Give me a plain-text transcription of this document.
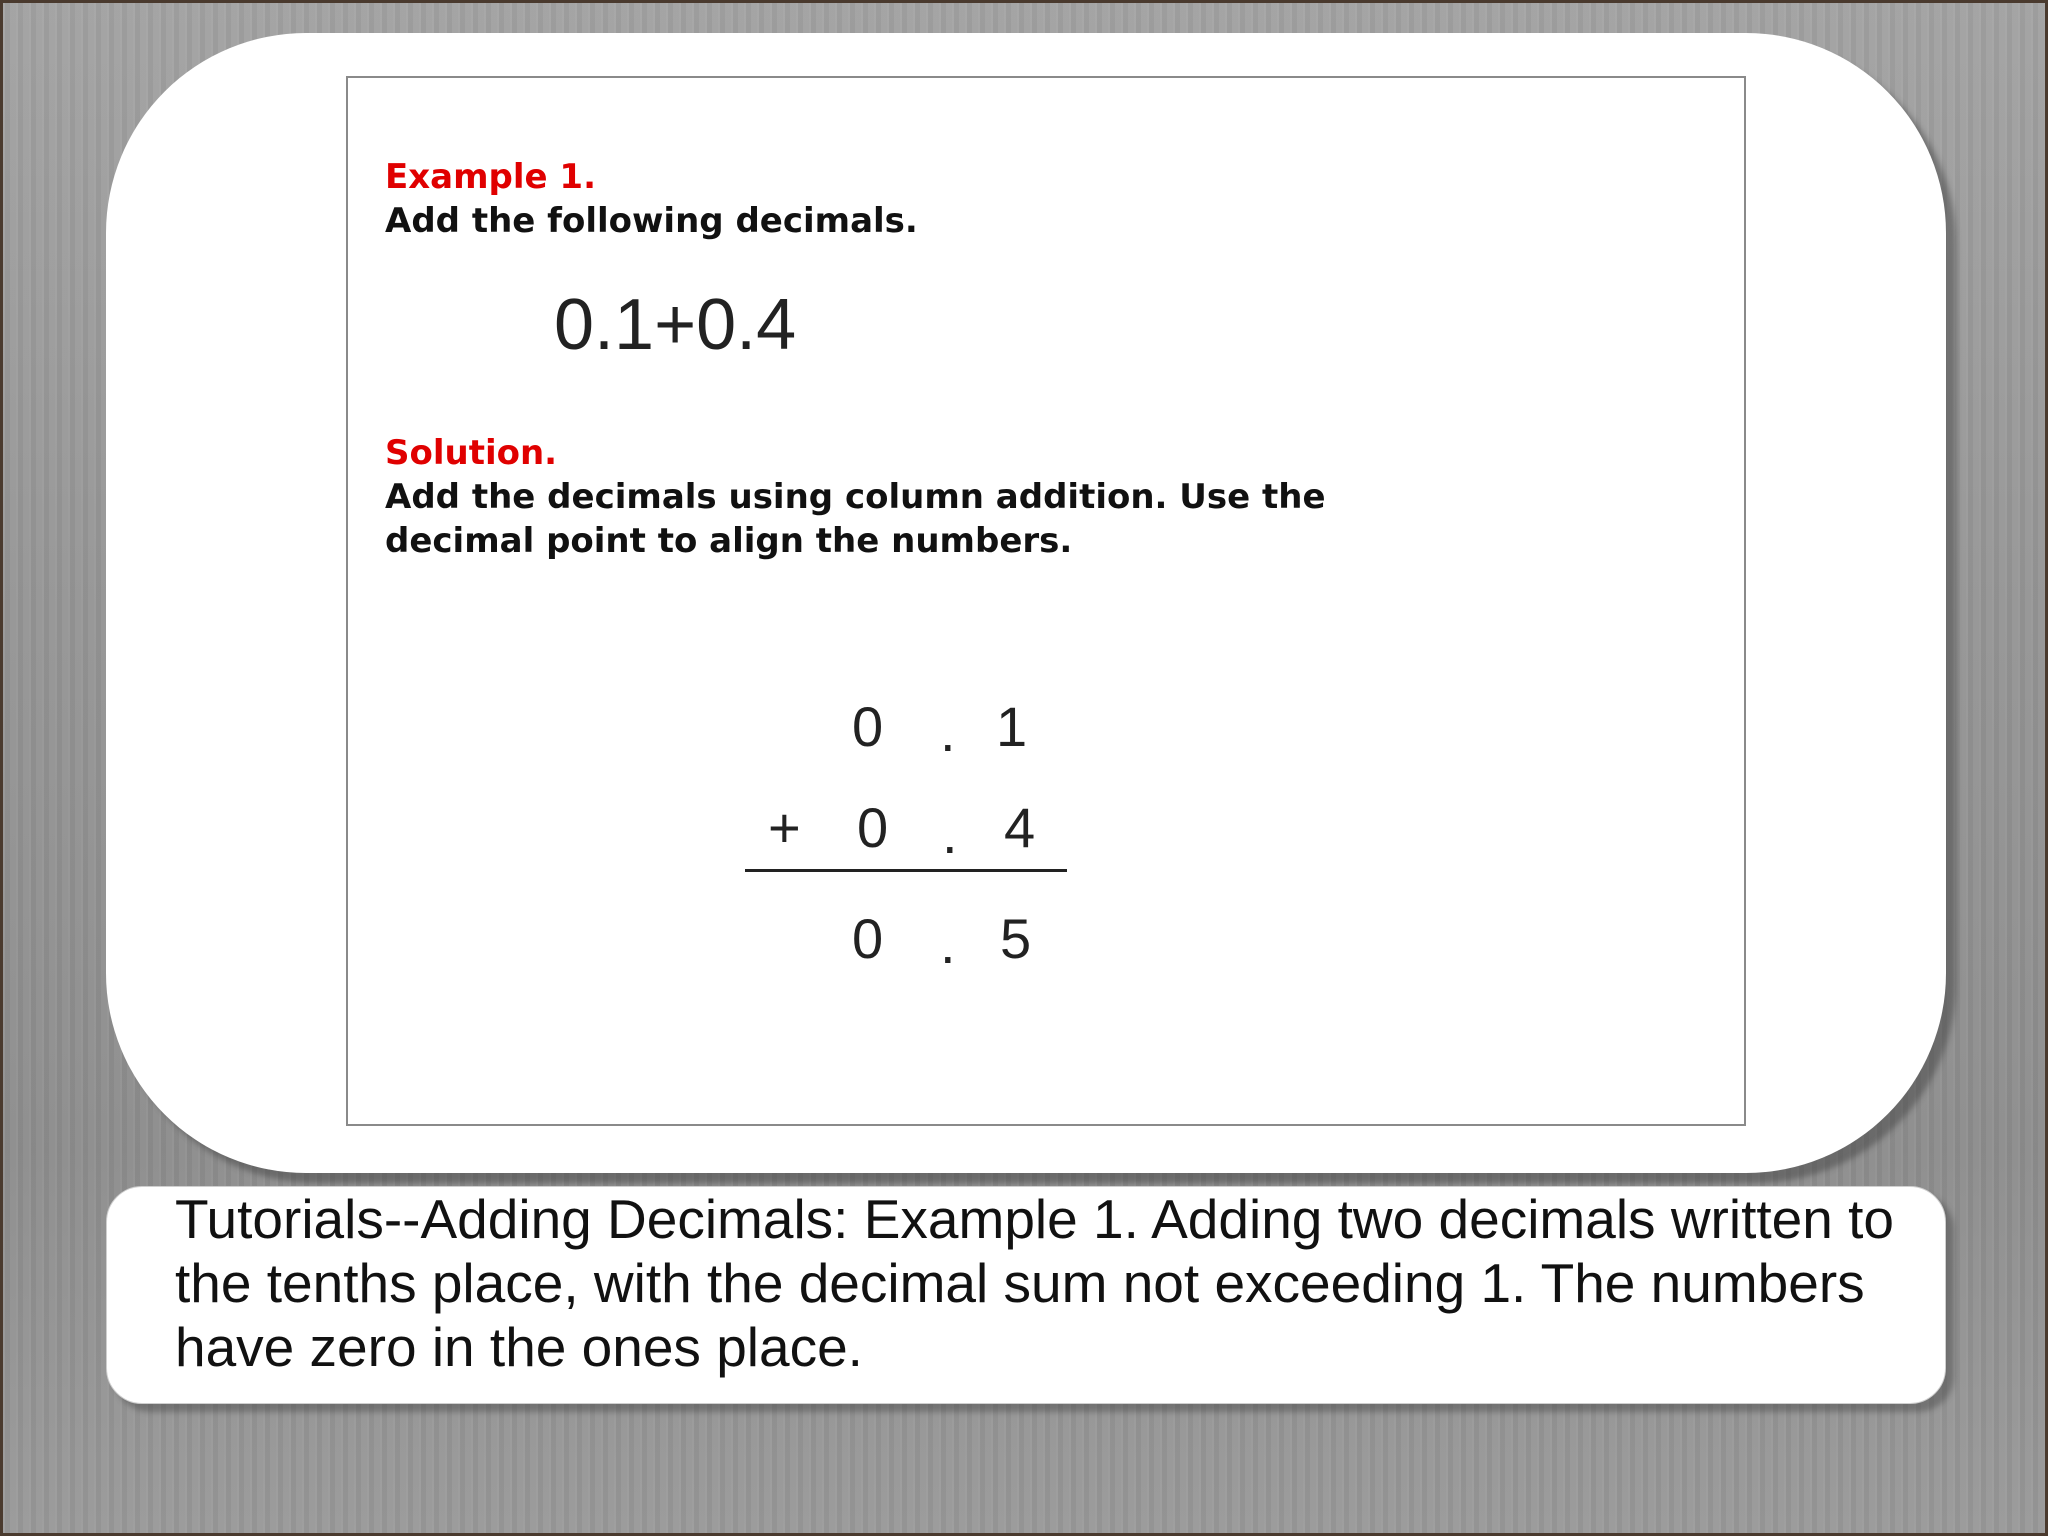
Example 1.
Add the following decimals.
0.1+0.4
Solution.
Add the decimals using column addition. Use the
decimal point to align the numbers.
0 . 1
+ 0 . 4
0 . 5
Tutorials--Adding Decimals: Example 1. Adding two decimals written to the tenths place, with the decimal sum not exceeding 1. The numbers have zero in the ones place.
